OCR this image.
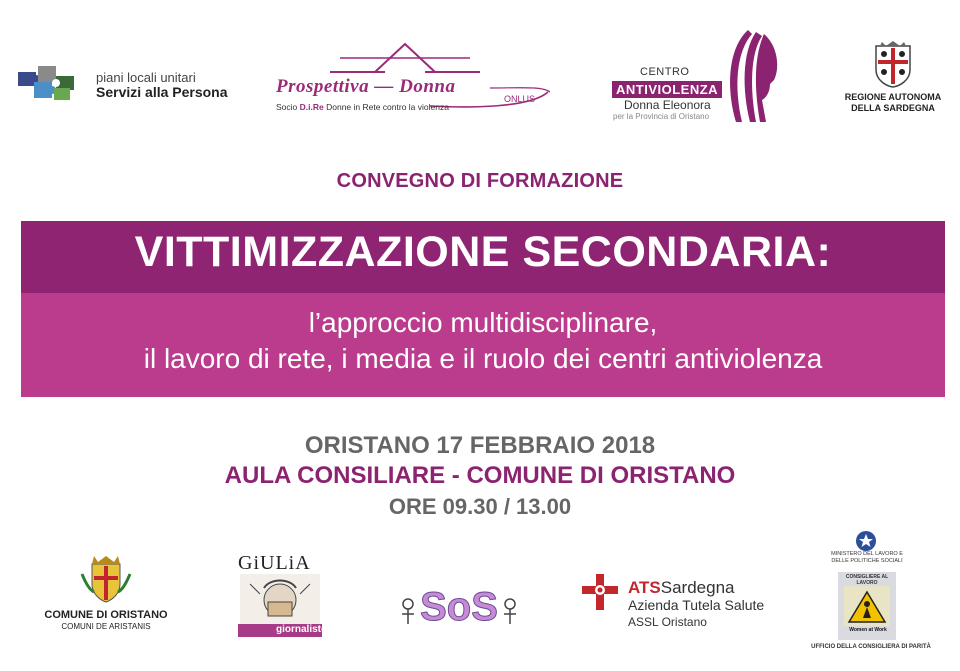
piani locali unitari
Servizi alla Persona	Prospettiva — Donna
ONLUS
Socio D.i.Re Donne in Rete contro la violenza
CENTRO
ANTIVIOLENZA
Donna Eleonora
per la Provincia di Oristano
REGIONE AUTONOMA
DELLA SARDEGNA
CONVEGNO DI FORMAZIONE
VITTIMIZZAZIONE SECONDARIA:
l’approccio multidisciplinare,
il lavoro di rete, i media e il ruolo dei centri antiviolenza
ORISTANO 17 FEBBRAIO 2018
AULA CONSILIARE - COMUNE DI ORISTANO
ORE 09.30 / 13.00
COMUNE DI ORISTANO
COMUNI DE ARISTANIS
GiULiA
giornaliste
SoS	ATSSardegna
Azienda Tutela Salute
ASSL Oristano
MINISTERO DEL LAVORO E DELLE POLITICHE SOCIALI
CONSIGLIERE AL LAVORO
Women at Work
UFFICIO DELLA CONSIGLIERA DI PARITÀ
